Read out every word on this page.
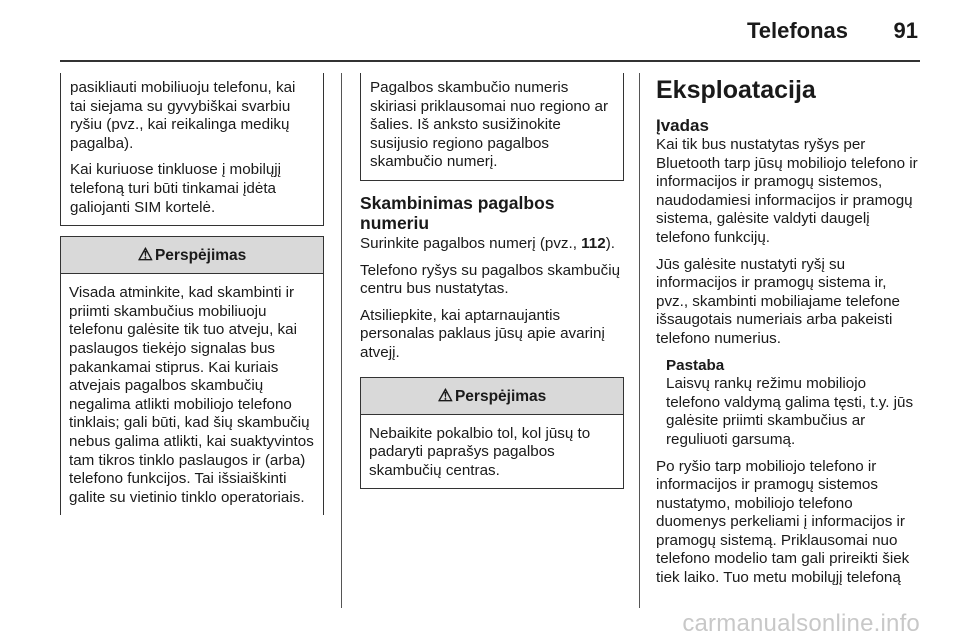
Telefonas 91

pasikliauti mobiliuoju telefonu, kai tai siejama su gyvybiškai svarbiu ryšiu (pvz., kai reikalinga medikų pagalba).

Kai kuriuose tinkluose į mobilųjį telefoną turi būti tinkamai įdėta galiojanti SIM kortelė.

⚠ Perspėjimas

Visada atminkite, kad skambinti ir priimti skambučius mobiliuoju telefonu galėsite tik tuo atveju, kai paslaugos tiekėjo signalas bus pakankamai stiprus. Kai kuriais atvejais pagalbos skambučių negalima atlikti mobiliojo telefono tinklais; gali būti, kad šių skambučių nebus galima atlikti, kai suaktyvintos tam tikros tinklo paslaugos ir (arba) telefono funkcijos. Tai išsiaiškinti galite su vietinio tinklo operatoriais.

Pagalbos skambučio numeris skiriasi priklausomai nuo regiono ar šalies. Iš anksto susižinokite susijusio regiono pagalbos skambučio numerį.

Skambinimas pagalbos numeriu

Surinkite pagalbos numerį (pvz., 112).

Telefono ryšys su pagalbos skambučių centru bus nustatytas.

Atsiliepkite, kai aptarnaujantis personalas paklaus jūsų apie avarinį atvejį.

⚠ Perspėjimas

Nebaikite pokalbio tol, kol jūsų to padaryti paprašys pagalbos skambučių centras.

Eksploatacija
Įvadas

Kai tik bus nustatytas ryšys per Bluetooth tarp jūsų mobiliojo telefono ir informacijos ir pramogų sistemos, naudodamiesi informacijos ir pramogų sistema, galėsite valdyti daugelį telefono funkcijų.

Jūs galėsite nustatyti ryšį su informacijos ir pramogų sistema ir, pvz., skambinti mobiliajame telefone išsaugotais numeriais arba pakeisti telefono numerius.

Pastaba
Laisvų rankų režimu mobiliojo telefono valdymą galima tęsti, t.y. jūs galėsite priimti skambučius ar reguliuoti garsumą.

Po ryšio tarp mobiliojo telefono ir informacijos ir pramogų sistemos nustatymo, mobiliojo telefono duomenys perkeliami į informacijos ir pramogų sistemą. Priklausomai nuo telefono modelio tam gali prireikti šiek tiek laiko. Tuo metu mobilųjį telefoną

carmanualsonline.info
